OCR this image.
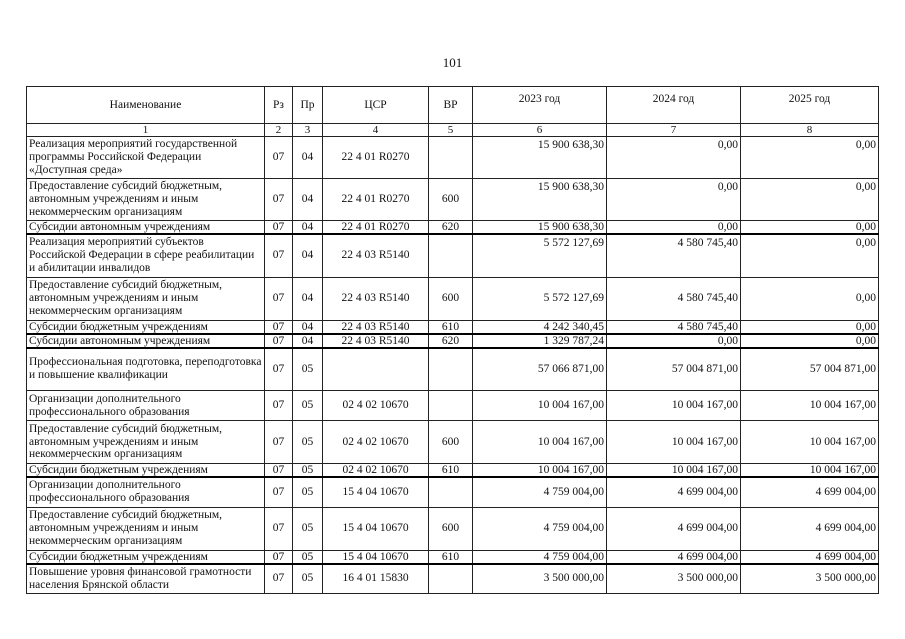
101
Наименование	Рз	Пр	ЦСР	ВР	2023 год	2024 год	2025 год
1	2	3	4	5	6	7	8
Реализация мероприятий государственной программы Российской Федерации «Доступная среда»	07	04	22 4 01 R0270		15 900 638,30	0,00	0,00
Предоставление субсидий бюджетным, автономным учреждениям и иным некоммерческим организациям	07	04	22 4 01 R0270	600	15 900 638,30	0,00	0,00
Субсидии автономным учреждениям	07	04	22 4 01 R0270	620	15 900 638,30	0,00	0,00
Реализация мероприятий субъектов Российской Федерации в сфере реабилитации и абилитации инвалидов	07	04	22 4 03 R5140		5 572 127,69	4 580 745,40	0,00
Предоставление субсидий бюджетным, автономным учреждениям и иным некоммерческим организациям	07	04	22 4 03 R5140	600	5 572 127,69	4 580 745,40	0,00
Субсидии бюджетным учреждениям	07	04	22 4 03 R5140	610	4 242 340,45	4 580 745,40	0,00
Субсидии автономным учреждениям	07	04	22 4 03 R5140	620	1 329 787,24	0,00	0,00
Профессиональная подготовка, переподготовка и повышение квалификации	07	05			57 066 871,00	57 004 871,00	57 004 871,00
Организации дополнительного профессионального образования	07	05	02 4 02 10670		10 004 167,00	10 004 167,00	10 004 167,00
Предоставление субсидий бюджетным, автономным учреждениям и иным некоммерческим организациям	07	05	02 4 02 10670	600	10 004 167,00	10 004 167,00	10 004 167,00
Субсидии бюджетным учреждениям	07	05	02 4 02 10670	610	10 004 167,00	10 004 167,00	10 004 167,00
Организации дополнительного профессионального образования	07	05	15 4 04 10670		4 759 004,00	4 699 004,00	4 699 004,00
Предоставление субсидий бюджетным, автономным учреждениям и иным некоммерческим организациям	07	05	15 4 04 10670	600	4 759 004,00	4 699 004,00	4 699 004,00
Субсидии бюджетным учреждениям	07	05	15 4 04 10670	610	4 759 004,00	4 699 004,00	4 699 004,00
Повышение уровня финансовой грамотности населения Брянской области	07	05	16 4 01 15830		3 500 000,00	3 500 000,00	3 500 000,00
